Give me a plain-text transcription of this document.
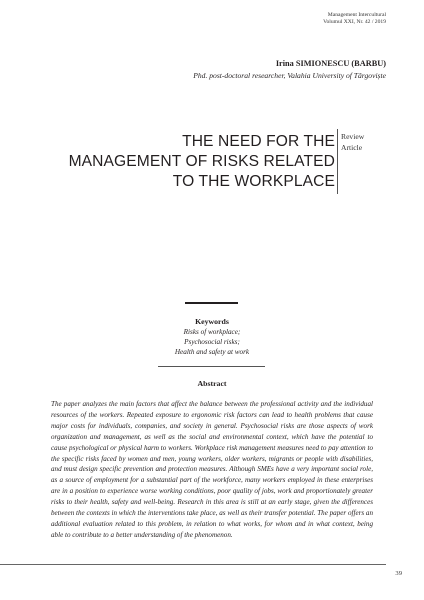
Management Intercultural
Volumul XXI, Nr. 42 / 2019
Irina SIMIONESCU (BARBU)
Phd. post-doctoral researcher, Valahia University of Târgoviște
THE NEED FOR THE
MANAGEMENT OF RISKS RELATED
TO THE WORKPLACE
Review
Article
Keywords
Risks of workplace;
Psychosocial risks;
Health and safety at work
Abstract
The paper analyzes the main factors that affect the balance between the professional activity and the individual resources of the workers. Repeated exposure to ergonomic risk factors can lead to health problems that cause major costs for individuals, companies, and society in general. Psychosocial risks are those aspects of work organization and management, as well as the social and environmental context, which have the potential to cause psychological or physical harm to workers. Workplace risk management measures need to pay attention to the specific risks faced by women and men, young workers, older workers, migrants or people with disabilities, and must design specific prevention and protection measures. Although SMEs have a very important social role, as a source of employment for a substantial part of the workforce, many workers employed in these enterprises are in a position to experience worse working conditions, poor quality of jobs, work and proportionately greater risks to their health, safety and well-being. Research in this area is still at an early stage, given the differences between the contexts in which the interventions take place, as well as their transfer potential. The paper offers an additional evaluation related to this problem, in relation to what works, for whom and in what context, being able to contribute to a better understanding of the phenomenon.
39
